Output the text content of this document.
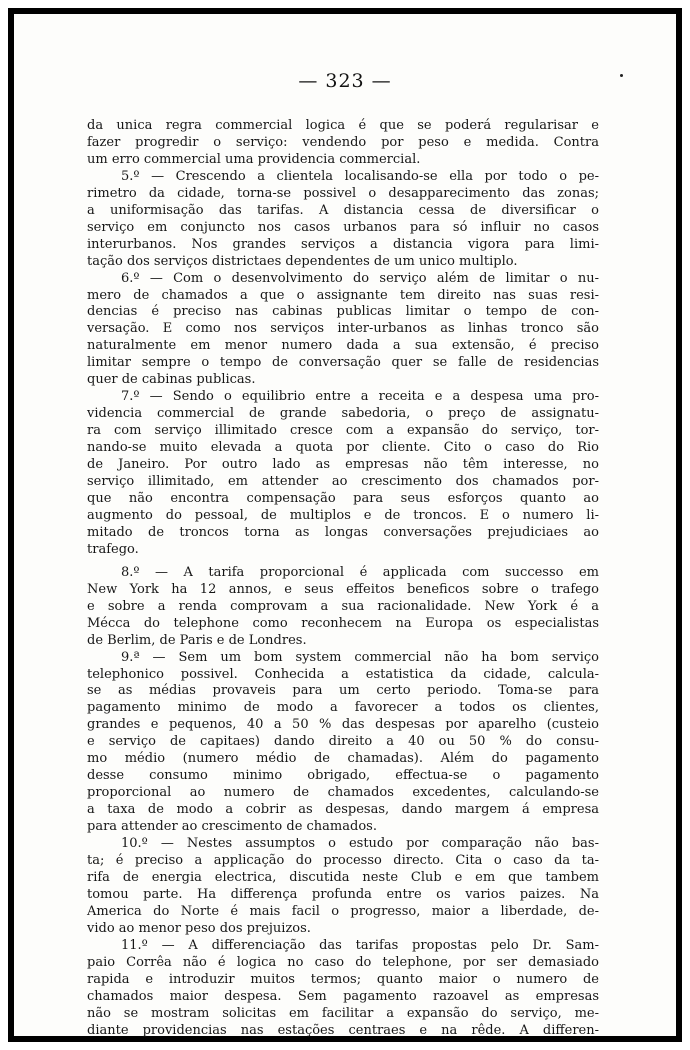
— 323 —
da unica regra commercial logica é que se poderá regularisar e
fazer progredir o serviço: vendendo por peso e medida. Contra
um erro commercial uma providencia commercial.
5.º — Crescendo a clientela localisando-se ella por todo o pe-
rimetro da cidade, torna-se possivel o desapparecimento das zonas;
a uniformisação das tarifas. A distancia cessa de diversificar o
serviço em conjuncto nos casos urbanos para só influir no casos
interurbanos. Nos grandes serviços a distancia vigora para limi-
tação dos serviços districtaes dependentes de um unico multiplo.
6.º — Com o desenvolvimento do serviço além de limitar o nu-
mero de chamados a que o assignante tem direito nas suas resi-
dencias é preciso nas cabinas publicas limitar o tempo de con-
versação. E como nos serviços inter-urbanos as linhas tronco são
naturalmente em menor numero dada a sua extensão, é preciso
limitar sempre o tempo de conversação quer se falle de residencias
quer de cabinas publicas.
7.º — Sendo o equilibrio entre a receita e a despesa uma pro-
videncia commercial de grande sabedoria, o preço de assignatu-
ra com serviço illimitado cresce com a expansão do serviço, tor-
nando-se muito elevada a quota por cliente. Cito o caso do Rio
de Janeiro. Por outro lado as empresas não têm interesse, no
serviço illimitado, em attender ao crescimento dos chamados por-
que não encontra compensação para seus esforços quanto ao
augmento do pessoal, de multiplos e de troncos. E o numero li-
mitado de troncos torna as longas conversações prejudiciaes ao
trafego.
8.º — A tarifa proporcional é applicada com successo em
New York ha 12 annos, e seus effeitos beneficos sobre o trafego
e sobre a renda comprovam a sua racionalidade. New York é a
Mécca do telephone como reconhecem na Europa os especialistas
de Berlim, de Paris e de Londres.
9.ª — Sem um bom system commercial não ha bom serviço
telephonico possivel. Conhecida a estatistica da cidade, calcula-
se as médias provaveis para um certo periodo. Toma-se para
pagamento minimo de modo a favorecer a todos os clientes,
grandes e pequenos, 40 a 50 % das despesas por aparelho (custeio
e serviço de capitaes) dando direito a 40 ou 50 % do consu-
mo médio (numero médio de chamadas). Além do pagamento
desse consumo minimo obrigado, effectua-se o pagamento
proporcional ao numero de chamados excedentes, calculando-se
a taxa de modo a cobrir as despesas, dando margem á empresa
para attender ao crescimento de chamados.
10.º — Nestes assumptos o estudo por comparação não bas-
ta; é preciso a applicação do processo directo. Cita o caso da ta-
rifa de energia electrica, discutida neste Club e em que tambem
tomou parte. Ha differença profunda entre os varios paizes. Na
America do Norte é mais facil o progresso, maior a liberdade, de-
vido ao menor peso dos prejuizos.
11.º — A differenciação das tarifas propostas pelo Dr. Sam-
paio Corrêa não é logica no caso do telephone, por ser demasiado
rapida e introduzir muitos termos; quanto maior o numero de
chamados maior despesa. Sem pagamento razoavel as empresas
não se mostram solicitas em facilitar a expansão do serviço, me-
diante providencias nas estações centraes e na rêde. A differen-
